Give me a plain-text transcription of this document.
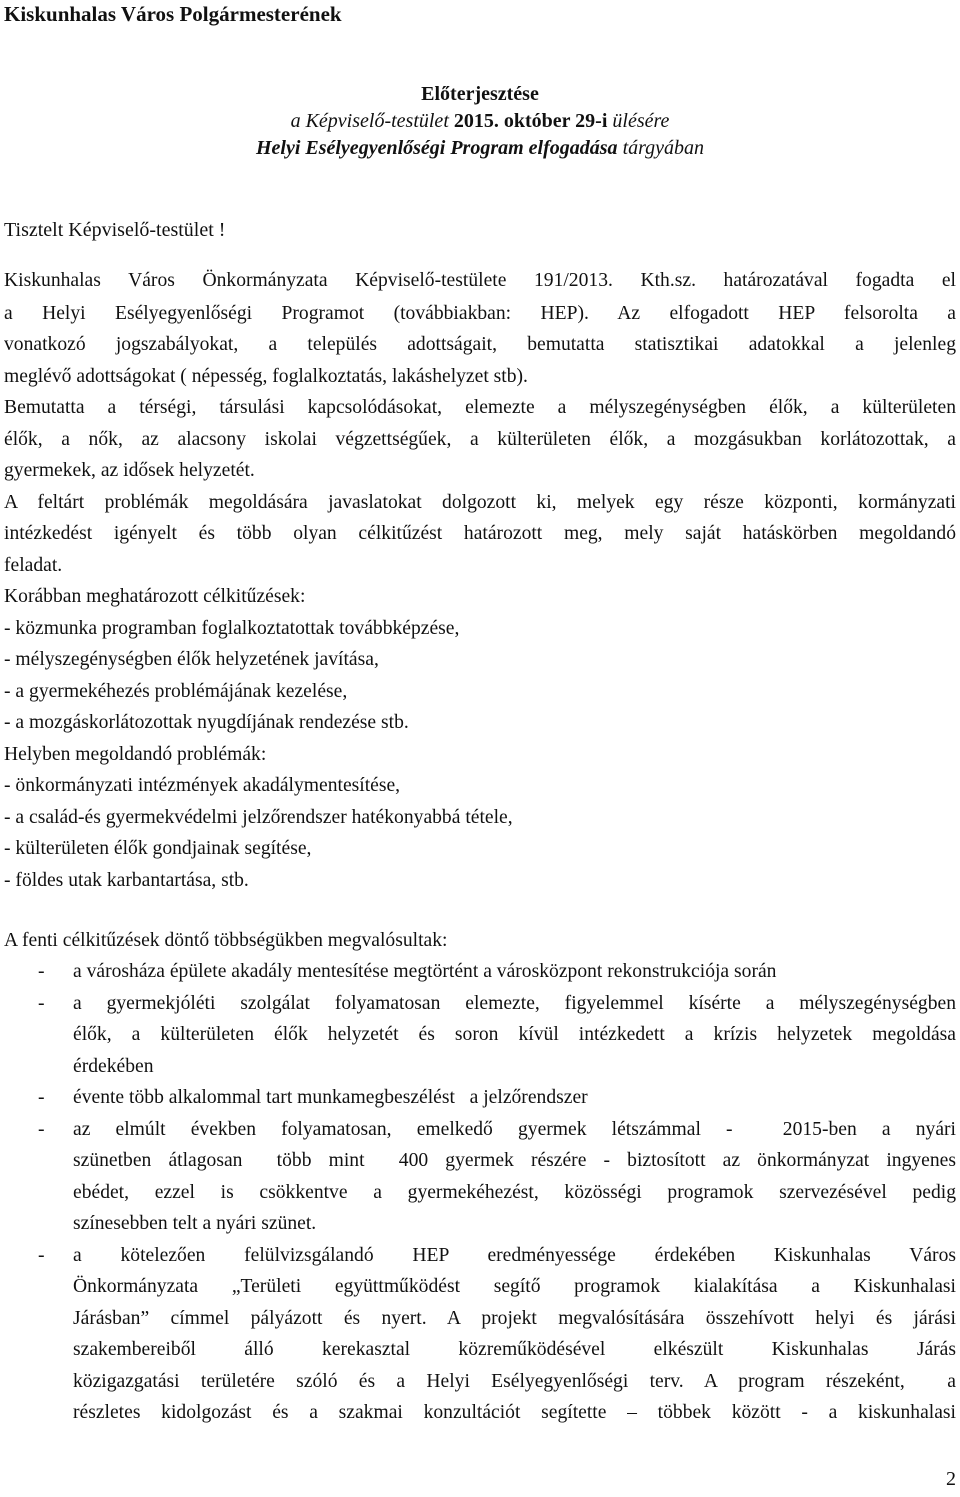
Kiskunhalas Város Polgármesterének
Előterjesztése
a Képviselő-testület 2015. október 29-i ülésére
Helyi Esélyegyenlőségi Program elfogadása tárgyában
Tisztelt Képviselő-testület !
Kiskunhalas Város Önkormányzata Képviselő-testülete 191/2013. Kth.sz. határozatával fogadta el
a Helyi Esélyegyenlőségi Programot (továbbiakban: HEP). Az elfogadott HEP felsorolta a
vonatkozó jogszabályokat, a település adottságait, bemutatta statisztikai adatokkal a jelenleg
meglévő adottságokat ( népesség, foglalkoztatás, lakáshelyzet stb).
Bemutatta a térségi, társulási kapcsolódásokat, elemezte a mélyszegénységben élők, a külterületen
élők, a nők, az alacsony iskolai végzettségűek, a külterületen élők, a mozgásukban korlátozottak, a
gyermekek, az idősek helyzetét.
A feltárt problémák megoldására javaslatokat dolgozott ki, melyek egy része központi, kormányzati
intézkedést igényelt és több olyan célkitűzést határozott meg, mely saját hatáskörben megoldandó
feladat.
Korábban meghatározott célkitűzések:
- közmunka programban foglalkoztatottak továbbképzése,
- mélyszegénységben élők helyzetének javítása,
- a gyermekéhezés problémájának kezelése,
- a mozgáskorlátozottak nyugdíjának rendezése stb.
Helyben megoldandó problémák:
- önkormányzati intézmények akadálymentesítése,
- a család-és gyermekvédelmi jelzőrendszer hatékonyabbá tétele,
- külterületen élők gondjainak segítése,
- földes utak karbantartása, stb.
A fenti célkitűzések döntő többségükben megvalósultak:
- a városháza épülete akadály mentesítése megtörtént a városközpont rekonstrukciója során
- a gyermekjóléti szolgálat folyamatosan elemezte, figyelemmel kísérte a mélyszegénységben
élők, a külterületen élők helyzetét és soron kívül intézkedett a krízis helyzetek megoldása
érdekében
- évente több alkalommal tart munkamegbeszélést   a jelzőrendszer
- az elmúlt években folyamatosan, emelkedő gyermek létszámmal -  2015-ben a nyári
szünetben átlagosan  több mint  400 gyermek részére - biztosított az önkormányzat ingyenes
ebédet, ezzel is csökkentve a gyermekéhezést, közösségi programok szervezésével pedig
színesebben telt a nyári szünet.
- a kötelezően felülvizsgálandó HEP eredményessége érdekében Kiskunhalas Város
Önkormányzata „Területi együttműködést segítő programok kialakítása a Kiskunhalasi
Járásban” címmel pályázott és nyert. A projekt megvalósítására összehívott helyi és járási
szakembereiből álló kerekasztal közreműködésével elkészült Kiskunhalas Járás
közigazgatási területére szóló és a Helyi Esélyegyenlőségi terv. A program részeként,  a
részletes kidolgozást és a szakmai konzultációt segítette – többek között - a kiskunhalasi
2
